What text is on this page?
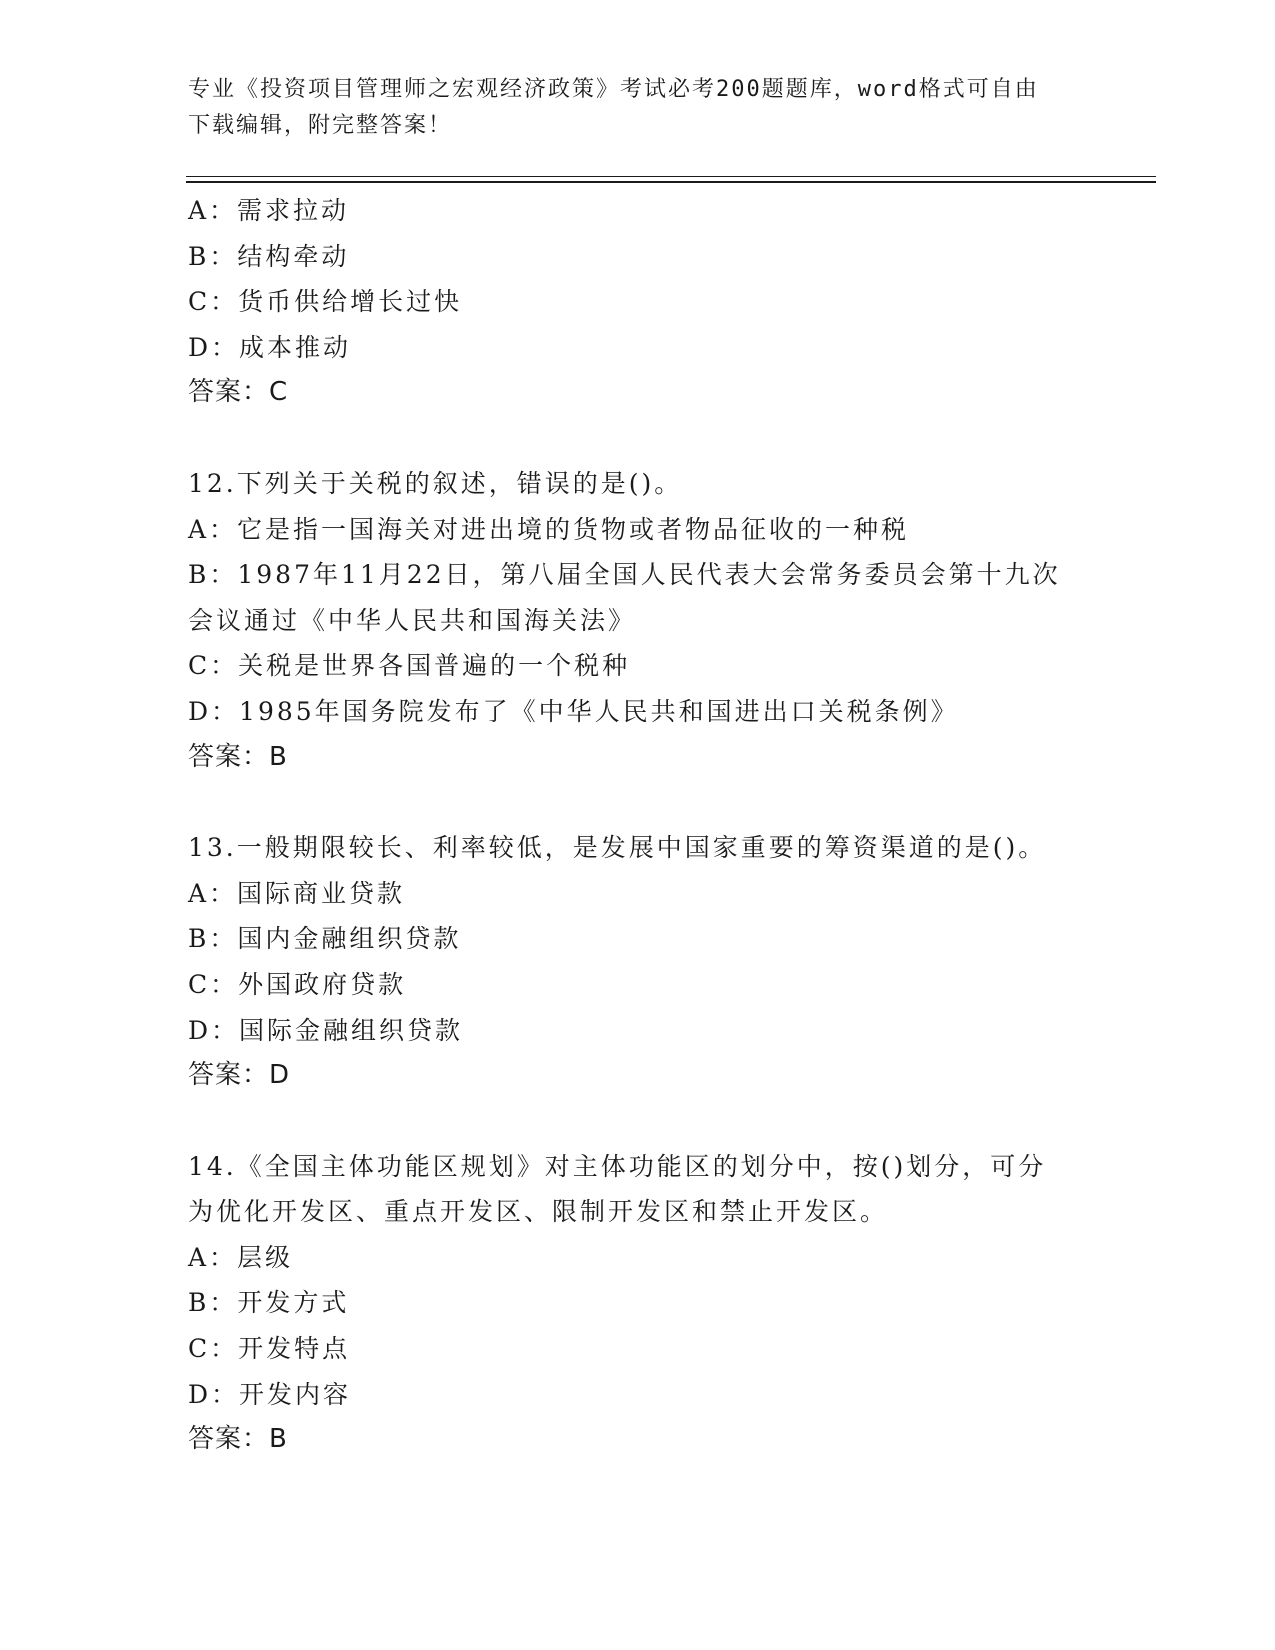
专业《投资项目管理师之宏观经济政策》考试必考200题题库，word格式可自由
下载编辑，附完整答案！
A：需求拉动
B：结构牵动
C：货币供给增长过快
D：成本推动
答案：C
12.下列关于关税的叙述，错误的是()。
A：它是指一国海关对进出境的货物或者物品征收的一种税
B：1987年11月22日，第八届全国人民代表大会常务委员会第十九次
会议通过《中华人民共和国海关法》
C：关税是世界各国普遍的一个税种
D：1985年国务院发布了《中华人民共和国进出口关税条例》
答案：B
13.一般期限较长、利率较低，是发展中国家重要的筹资渠道的是()。
A：国际商业贷款
B：国内金融组织贷款
C：外国政府贷款
D：国际金融组织贷款
答案：D
14.《全国主体功能区规划》对主体功能区的划分中，按()划分，可分
为优化开发区、重点开发区、限制开发区和禁止开发区。
A：层级
B：开发方式
C：开发特点
D：开发内容
答案：B
